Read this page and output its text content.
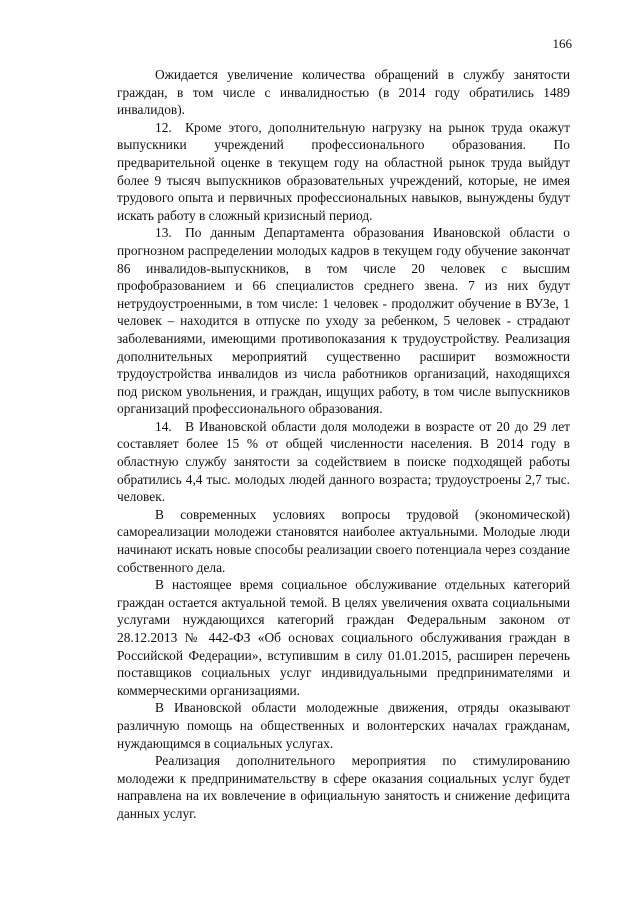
166

Ожидается увеличение количества обращений в службу занятости граждан, в том числе с инвалидностью (в 2014 году обратились 1489 инвалидов).

12. Кроме этого, дополнительную нагрузку на рынок труда окажут выпускники учреждений профессионального образования. По предварительной оценке в текущем году на областной рынок труда выйдут более 9 тысяч выпускников образовательных учреждений, которые, не имея трудового опыта и первичных профессиональных навыков, вынуждены будут искать работу в сложный кризисный период.

13. По данным Департамента образования Ивановской области о прогнозном распределении молодых кадров в текущем году обучение закончат 86 инвалидов-выпускников, в том числе 20 человек с высшим профобразованием и 66 специалистов среднего звена. 7 из них будут нетрудоустроенными, в том числе: 1 человек - продолжит обучение в ВУЗе, 1 человек – находится в отпуске по уходу за ребенком, 5 человек - страдают заболеваниями, имеющими противопоказания к трудоустройству. Реализация дополнительных мероприятий существенно расширит возможности трудоустройства инвалидов из числа работников организаций, находящихся под риском увольнения, и граждан, ищущих работу, в том числе выпускников организаций профессионального образования.

14. В Ивановской области доля молодежи в возрасте от 20 до 29 лет составляет более 15 % от общей численности населения. В 2014 году в областную службу занятости за содействием в поиске подходящей работы обратились 4,4 тыс. молодых людей данного возраста; трудоустроены 2,7 тыс. человек.

В современных условиях вопросы трудовой (экономической) самореализации молодежи становятся наиболее актуальными. Молодые люди начинают искать новые способы реализации своего потенциала через создание собственного дела.

В настоящее время социальное обслуживание отдельных категорий граждан остается актуальной темой. В целях увеличения охвата социальными услугами нуждающихся категорий граждан Федеральным законом от 28.12.2013 № 442-ФЗ «Об основах социального обслуживания граждан в Российской Федерации», вступившим в силу 01.01.2015, расширен перечень поставщиков социальных услуг индивидуальными предпринимателями и коммерческими организациями.

В Ивановской области молодежные движения, отряды оказывают различную помощь на общественных и волонтерских началах гражданам, нуждающимся в социальных услугах.

Реализация дополнительного мероприятия по стимулированию молодежи к предпринимательству в сфере оказания социальных услуг будет направлена на их вовлечение в официальную занятость и снижение дефицита данных услуг.
